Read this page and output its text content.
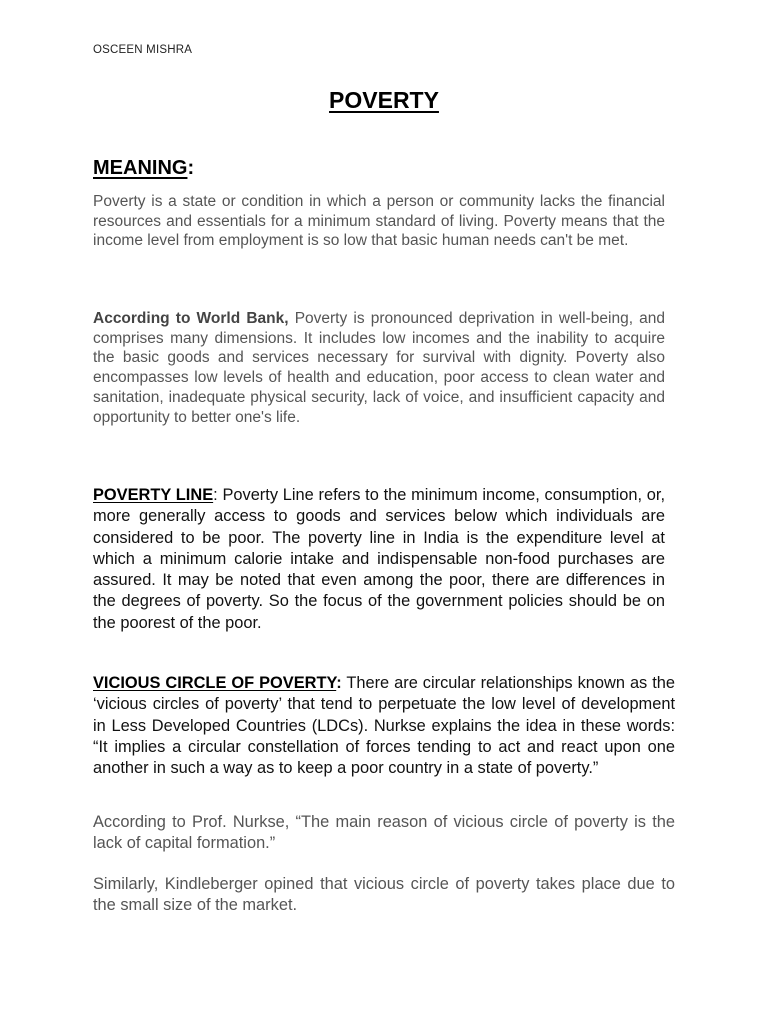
OSCEEN MISHRA
POVERTY
MEANING:

Poverty is a state or condition in which a person or community lacks the financial resources and essentials for a minimum standard of living. Poverty means that the income level from employment is so low that basic human needs can't be met.

According to World Bank, Poverty is pronounced deprivation in well-being, and comprises many dimensions. It includes low incomes and the inability to acquire the basic goods and services necessary for survival with dignity. Poverty also encompasses low levels of health and education, poor access to clean water and sanitation, inadequate physical security, lack of voice, and insufficient capacity and opportunity to better one's life.

POVERTY LINE: Poverty Line refers to the minimum income, consumption, or, more generally access to goods and services below which individuals are considered to be poor. The poverty line in India is the expenditure level at which a minimum calorie intake and indispensable non-food purchases are assured. It may be noted that even among the poor, there are differences in the degrees of poverty. So the focus of the government policies should be on the poorest of the poor.

VICIOUS CIRCLE OF POVERTY: There are circular relationships known as the ‘vicious circles of poverty’ that tend to perpetuate the low level of development in Less Developed Countries (LDCs). Nurkse explains the idea in these words: “It implies a circular constellation of forces tending to act and react upon one another in such a way as to keep a poor country in a state of poverty.”

According to Prof. Nurkse, “The main reason of vicious circle of poverty is the lack of capital formation.”

Similarly, Kindleberger opined that vicious circle of poverty takes place due to the small size of the market.
